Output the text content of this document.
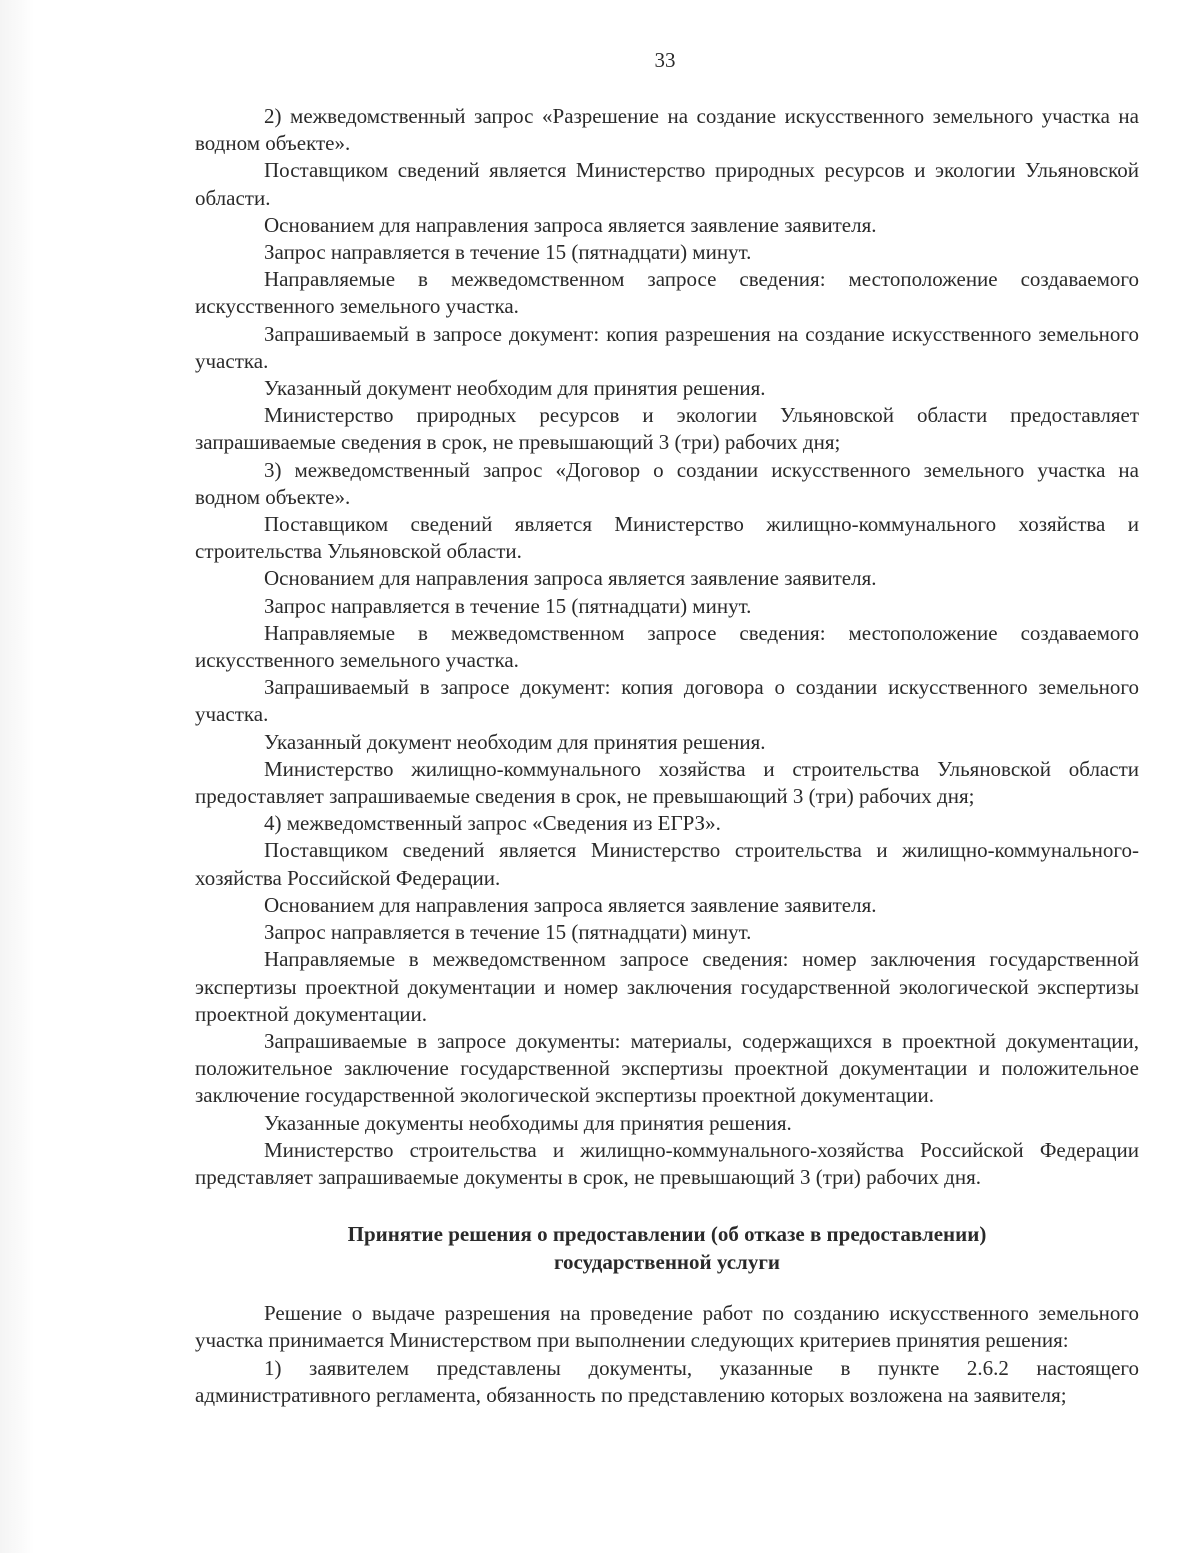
33

2) межведомственный запрос «Разрешение на создание искусственного земельного участка на водном объекте».

Поставщиком сведений является Министерство природных ресурсов и экологии Ульяновской области.

Основанием для направления запроса является заявление заявителя.

Запрос направляется в течение 15 (пятнадцати) минут.

Направляемые в межведомственном запросе сведения: местоположение создаваемого искусственного земельного участка.

Запрашиваемый в запросе документ: копия разрешения на создание искусственного земельного участка.

Указанный документ необходим для принятия решения.

Министерство природных ресурсов и экологии Ульяновской области предоставляет запрашиваемые сведения в срок, не превышающий 3 (три) рабочих дня;

3) межведомственный запрос «Договор о создании искусственного земельного участка на водном объекте».

Поставщиком сведений является Министерство жилищно-коммунального хозяйства и строительства Ульяновской области.

Основанием для направления запроса является заявление заявителя.

Запрос направляется в течение 15 (пятнадцати) минут.

Направляемые в межведомственном запросе сведения: местоположение создаваемого искусственного земельного участка.

Запрашиваемый в запросе документ: копия договора о создании искусственного земельного участка.

Указанный документ необходим для принятия решения.

Министерство жилищно-коммунального хозяйства и строительства Ульяновской области предоставляет запрашиваемые сведения в срок, не превышающий 3 (три) рабочих дня;

4) межведомственный запрос «Сведения из ЕГРЗ».

Поставщиком сведений является Министерство строительства и жилищно-коммунального-хозяйства Российской Федерации.

Основанием для направления запроса является заявление заявителя.

Запрос направляется в течение 15 (пятнадцати) минут.

Направляемые в межведомственном запросе сведения: номер заключения государственной экспертизы проектной документации и номер заключения государственной экологической экспертизы проектной документации.

Запрашиваемые в запросе документы: материалы, содержащихся в проектной документации, положительное заключение государственной экспертизы проектной документации и положительное заключение государственной экологической экспертизы проектной документации.

Указанные документы необходимы для принятия решения.

Министерство строительства и жилищно-коммунального-хозяйства Российской Федерации представляет запрашиваемые документы в срок, не превышающий 3 (три) рабочих дня.

Принятие решения о предоставлении (об отказе в предоставлении)
государственной услуги

Решение о выдаче разрешения на проведение работ по созданию искусственного земельного участка принимается Министерством при выполнении следующих критериев принятия решения:

1) заявителем представлены документы, указанные в пункте 2.6.2 настоящего административного регламента, обязанность по представлению которых возложена на заявителя;
